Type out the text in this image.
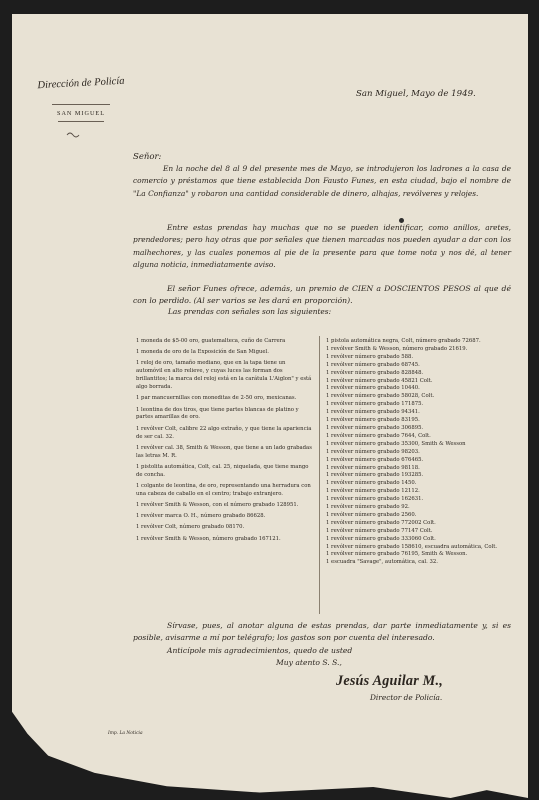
Dirección de Policía
SAN MIGUEL
San Miguel, Mayo de 1949.
Señor:
En la noche del 8 al 9 del presente mes de Mayo, se introdujeron los ladrones a la casa de comercio y préstamos que tiene establecida Don Fausto Funes, en esta ciudad, bajo el nombre de "La Confianza" y robaron una cantidad considerable de dinero, alhajas, revólveres y relojes.
Entre estas prendas hay muchas que no se pueden identificar, como anillos, aretes, prendedores; pero hay otras que por señales que tienen marcadas nos pueden ayudar a dar con los malhechores, y las cuales ponemos al pie de la presente para que tome nota y nos dé, al tener alguna noticia, inmediatamente aviso.
El señor Funes ofrece, además, un premio de CIEN a DOSCIENTOS PESOS al que dé con lo perdido. (Al ser varios se les dará en proporción).
Las prendas con señales son las siguientes:

1 moneda de $5-00 oro, guatemalteca, cuño de Carrera

1 moneda de oro de la Exposición de San Miguel.

1 reloj de oro, tamaño mediano, que en la tapa tiene un automóvil en alto relieve, y cuyas luces las forman dos brillantitos; la marca del reloj está en la carátula L'Aiglon" y está algo borrada.

1 par mancuernillas con moneditas de 2-50 oro, mexicanas.

1 leontina de dos tiros, que tiene partes blancas de platino y partes amarillas de oro.

1 revólver Colt, calibre 22 algo extraño, y que tiene la apariencia de ser cal. 32.

1 revólver cal. 38, Smith & Wesson, que tiene a un lado grabadas las letras M. R.

1 pistolita automática, Colt, cal. 25, niquelada, que tiene mango de concha.

1 colgante de leontina, de oro, representando una herradura con una cabeza de caballo en el centro; trabajo extranjero.

1 revólver Smith & Wesson, con el número grabado 128951.

1 revólver marca O. H., número grabado 86628.

1 revólver Colt, número grabado 08170.

1 revólver Smith & Wesson, número grabado 167121.

1 pistola automática negra, Colt, número grabado 72687.

1 revólver Smith & Wesson, número grabado 21619.

1 revólver número grabado 588.

1 revólver número grabado 68745.

1 revólver número grabado 828848.

1 revólver número grabado 45821 Colt.

1 revólver número grabado 10440.

1 revólver número grabado 58028, Colt.

1 revólver número grabado 171875.

1 revólver número grabado 94341.

1 revólver número grabado 83195.

1 revólver número grabado 306895.

1 revólver número grabado 7644, Colt.

1 revólver número grabado 35300, Smith & Wesson

1 revólver número grabado 98203.

1 revólver número grabado 676465.

1 revólver número grabado 98118.

1 revólver número grabado 193285.

1 revólver número grabado 1450.

1 revólver número grabado 12112.

1 revólver número grabado 162631.

1 revólver número grabado 92.

1 revólver número grabado 2560.

1 revólver número grabado 772002 Colt.

1 revólver número grabado 77147 Colt.

1 revólver número grabado 333060 Colt.

1 revólver número grabado 158610, escuadra automática, Colt.

1 revólver número grabado 76195, Smith & Wesson.

1 escuadra "Savage", automática, cal. 32.

Sírvase, pues, al anotar alguna de estas prendas, dar parte inmediatamente y, si es posible, avisarme a mí por telégrafo; los gastos son por cuenta del interesado.
Anticípole mis agradecimientos, quedo de usted
Muy atento S. S.,
Jesús Aguilar M.,
Director de Policía.
Imp. La Noticia
